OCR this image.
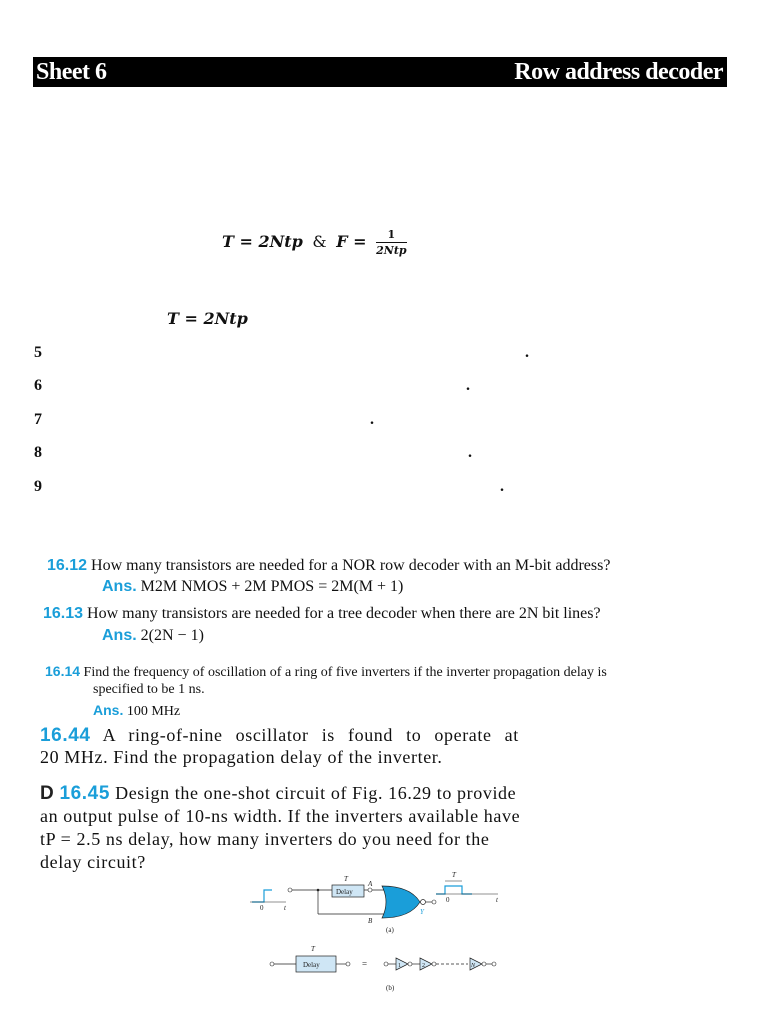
Sheet 6	Row address decoder
T = 2Ntp & $F = \frac{1}{\text{2Ntp}}$
T = 2Ntp
5	.
6	.
7	.
8	.
9	.
16.12 How many transistors are needed for a NOR row decoder with an M-bit address?
Ans. M2M NMOS + 2M PMOS = 2M(M + 1)
16.13 How many transistors are needed for a tree decoder when there are 2N bit lines?
Ans. 2(2N − 1)
16.14 Find the frequency of oscillation of a ring of five inverters if the inverter propagation delay is
specified to be 1 ns.
Ans. 100 MHz
16.44 A ring-of-nine oscillator is found to operate at
20 MHz. Find the propagation delay of the inverter.
D 16.45 Design the one-shot circuit of Fig. 16.29 to provide
an output pulse of 10-ns width. If the inverters available have
tP = 2.5 ns delay, how many inverters do you need for the
delay circuit?
0	t
Delay
T
A
B
Y
0	t
T
(a)
Delay
T
=	1	2	N
(b)
